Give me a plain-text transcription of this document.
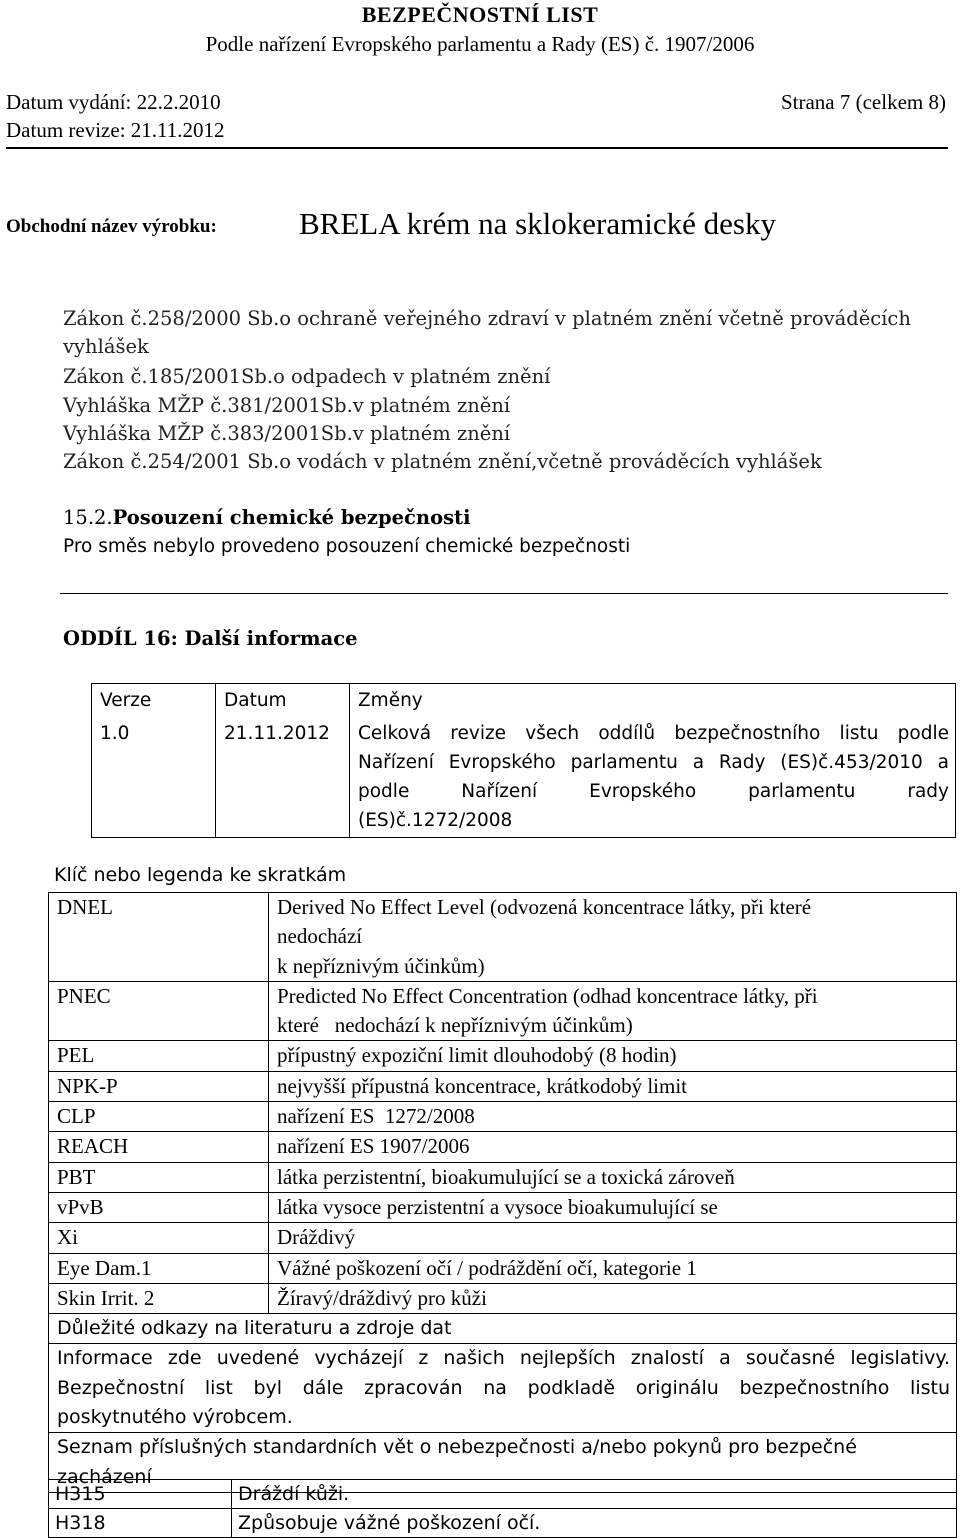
BEZPEČNOSTNÍ LIST
Podle nařízení Evropského parlamentu a Rady (ES) č. 1907/2006
Datum vydání: 22.2.2010
Datum revize: 21.11.2012
Strana 7 (celkem 8)
Obchodní název výrobku:	BRELA krém na sklokeramické desky
Zákon č.258/2000 Sb.o ochraně veřejného zdraví v platném znění včetně prováděcích
vyhlášek
Zákon č.185/2001Sb.o odpadech v platném znění
Vyhláška MŽP č.381/2001Sb.v platném znění
Vyhláška MŽP č.383/2001Sb.v platném znění
Zákon č.254/2001 Sb.o vodách v platném znění,včetně prováděcích vyhlášek
15.2.Posouzení chemické bezpečnosti
Pro směs nebylo provedeno posouzení chemické bezpečnosti
ODDÍL 16: Další informace
Verze	Datum	Změny
1.0	21.11.2012	Celková revize všech oddílů bezpečnostního listu podle
Nařízení Evropského parlamentu a Rady (ES)č.453/2010 a
podle Nařízení Evropského parlamentu rady
(ES)č.1272/2008
Klíč nebo legenda ke skratkám
DNEL	Derived No Effect Level (odvozená koncentrace látky, při které
nedochází
k nepříznivým účinkům)

PNEC	Predicted No Effect Concentration (odhad koncentrace látky, při
které   nedochází k nepříznivým účinkům)

PEL	přípustný expoziční limit dlouhodobý (8 hodin)
NPK-P	nejvyšší přípustná koncentrace, krátkodobý limit
CLP	nařízení ES  1272/2008
REACH	nařízení ES 1907/2006
PBT	látka perzistentní, bioakumulující se a toxická zároveň
vPvB	látka vysoce perzistentní a vysoce bioakumulující se
Xi	Dráždivý
Eye Dam.1	Vážné poškození očí / podráždění očí, kategorie 1
Skin Irrit. 2	Žíravý/dráždivý pro kůži
Důležité odkazy na literaturu a zdroje dat	

Informace zde uvedené vycházejí z našich nejlepších znalostí a současné legislativy.
Bezpečnostní list byl dále zpracován na podkladě originálu bezpečnostního listu
poskytnutého výrobcem.	

Seznam příslušných standardních vět o nebezpečnosti a/nebo pokynů pro bezpečné zacházení	
H315	Dráždí kůži.
H318	Způsobuje vážné poškození očí.
